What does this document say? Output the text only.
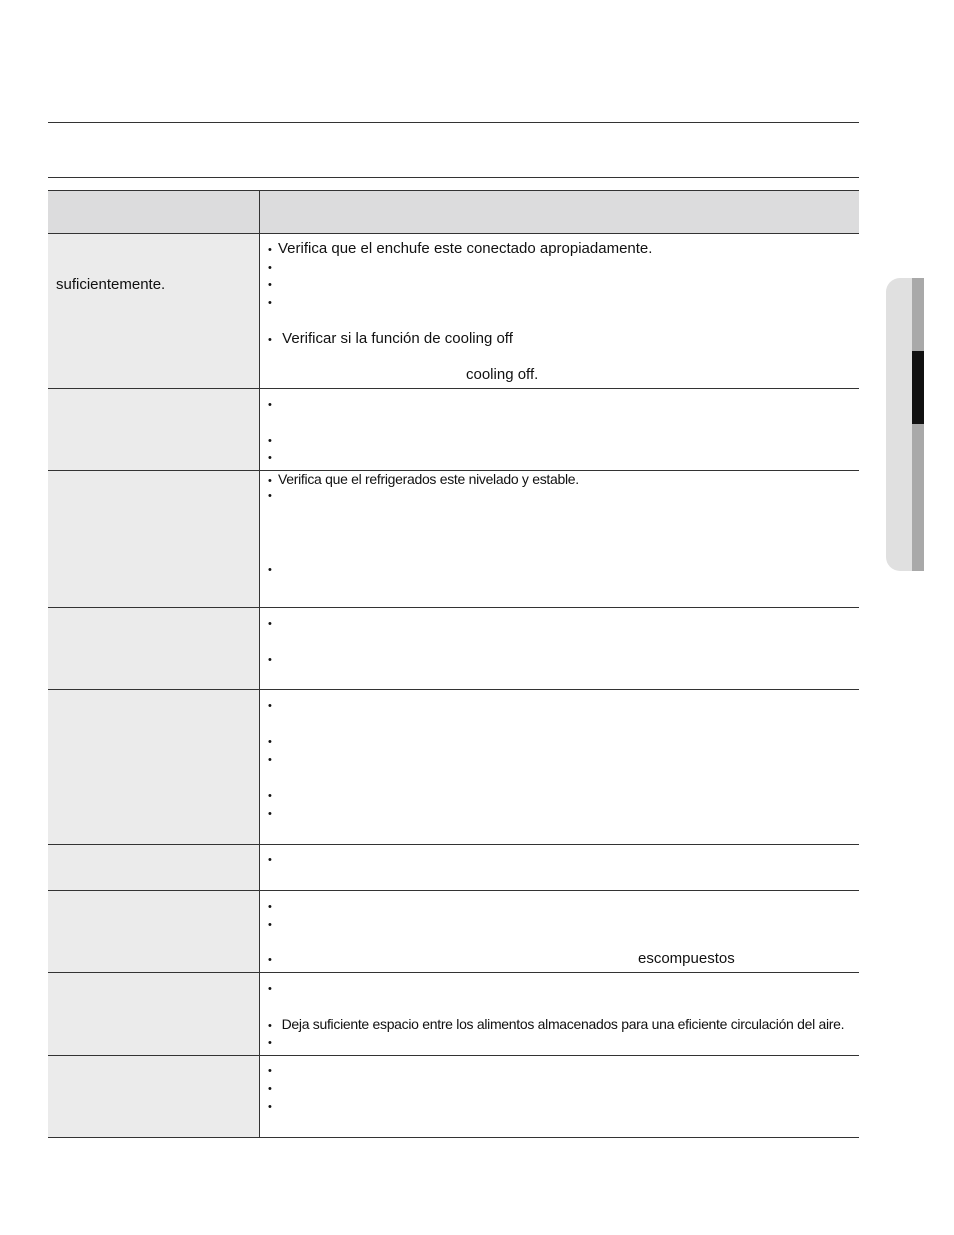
suficientemente.
• Verifica que el enchufe este conectado apropiadamente.
•
•
•
• Verificar si la función de cooling off
cooling off.
•
•
•
• Verifica que el refrigerados este nivelado y estable.
•
•
•
•
•
•
•
•
•
•
•
•
•	escompuestos
•
• Deja suficiente espacio entre los alimentos almacenados para una eficiente circulación del aire.
•
•
•
•
